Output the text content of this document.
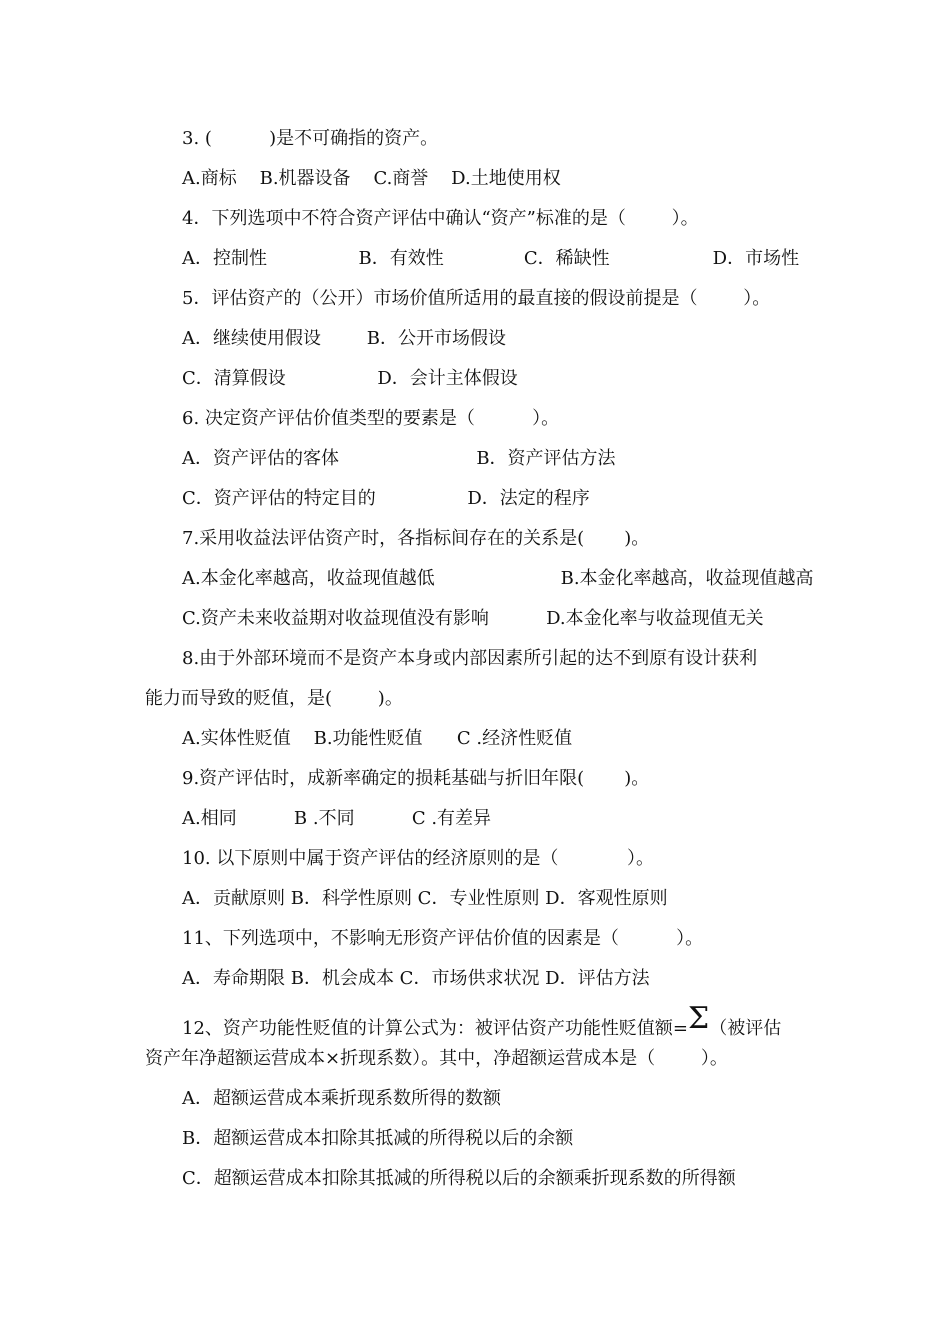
3. (          )是不可确指的资产。
A.商标    B.机器设备    C.商誉    D.土地使用权
4．下列选项中不符合资产评估中确认“资产”标准的是（        ）。
A．控制性                B．有效性              C．稀缺性                  D．市场性
5．评估资产的（公开）市场价值所适用的最直接的假设前提是（        ）。
A．继续使用假设        B．公开市场假设
C．清算假设                D．会计主体假设
6. 决定资产评估价值类型的要素是（          ）。
A．资产评估的客体                        B．资产评估方法
C．资产评估的特定目的                D．法定的程序
7.采用收益法评估资产时，各指标间存在的关系是(       )。
A.本金化率越高，收益现值越低                      B.本金化率越高，收益现值越高
C.资产未来收益期对收益现值没有影响          D.本金化率与收益现值无关
8.由于外部环境而不是资产本身或内部因素所引起的达不到原有设计获利
能力而导致的贬值，是(        )。
A.实体性贬值    B.功能性贬值      C .经济性贬值
9.资产评估时，成新率确定的损耗基础与折旧年限(       )。
A.相同          B .不同          C .有差异
10. 以下原则中属于资产评估的经济原则的是（            ）。
A．贡献原则 B．科学性原则 C．专业性原则 D．客观性原则
11、下列选项中，不影响无形资产评估价值的因素是（          ）。
A．寿命期限 B．机会成本 C．市场供求状况 D．评估方法
12、资产功能性贬值的计算公式为：被评估资产功能性贬值额=Σ（被评估
资产年净超额运营成本×折现系数）。其中，净超额运营成本是（        ）。
A．超额运营成本乘折现系数所得的数额
B．超额运营成本扣除其抵减的所得税以后的余额
C．超额运营成本扣除其抵减的所得税以后的余额乘折现系数的所得额
